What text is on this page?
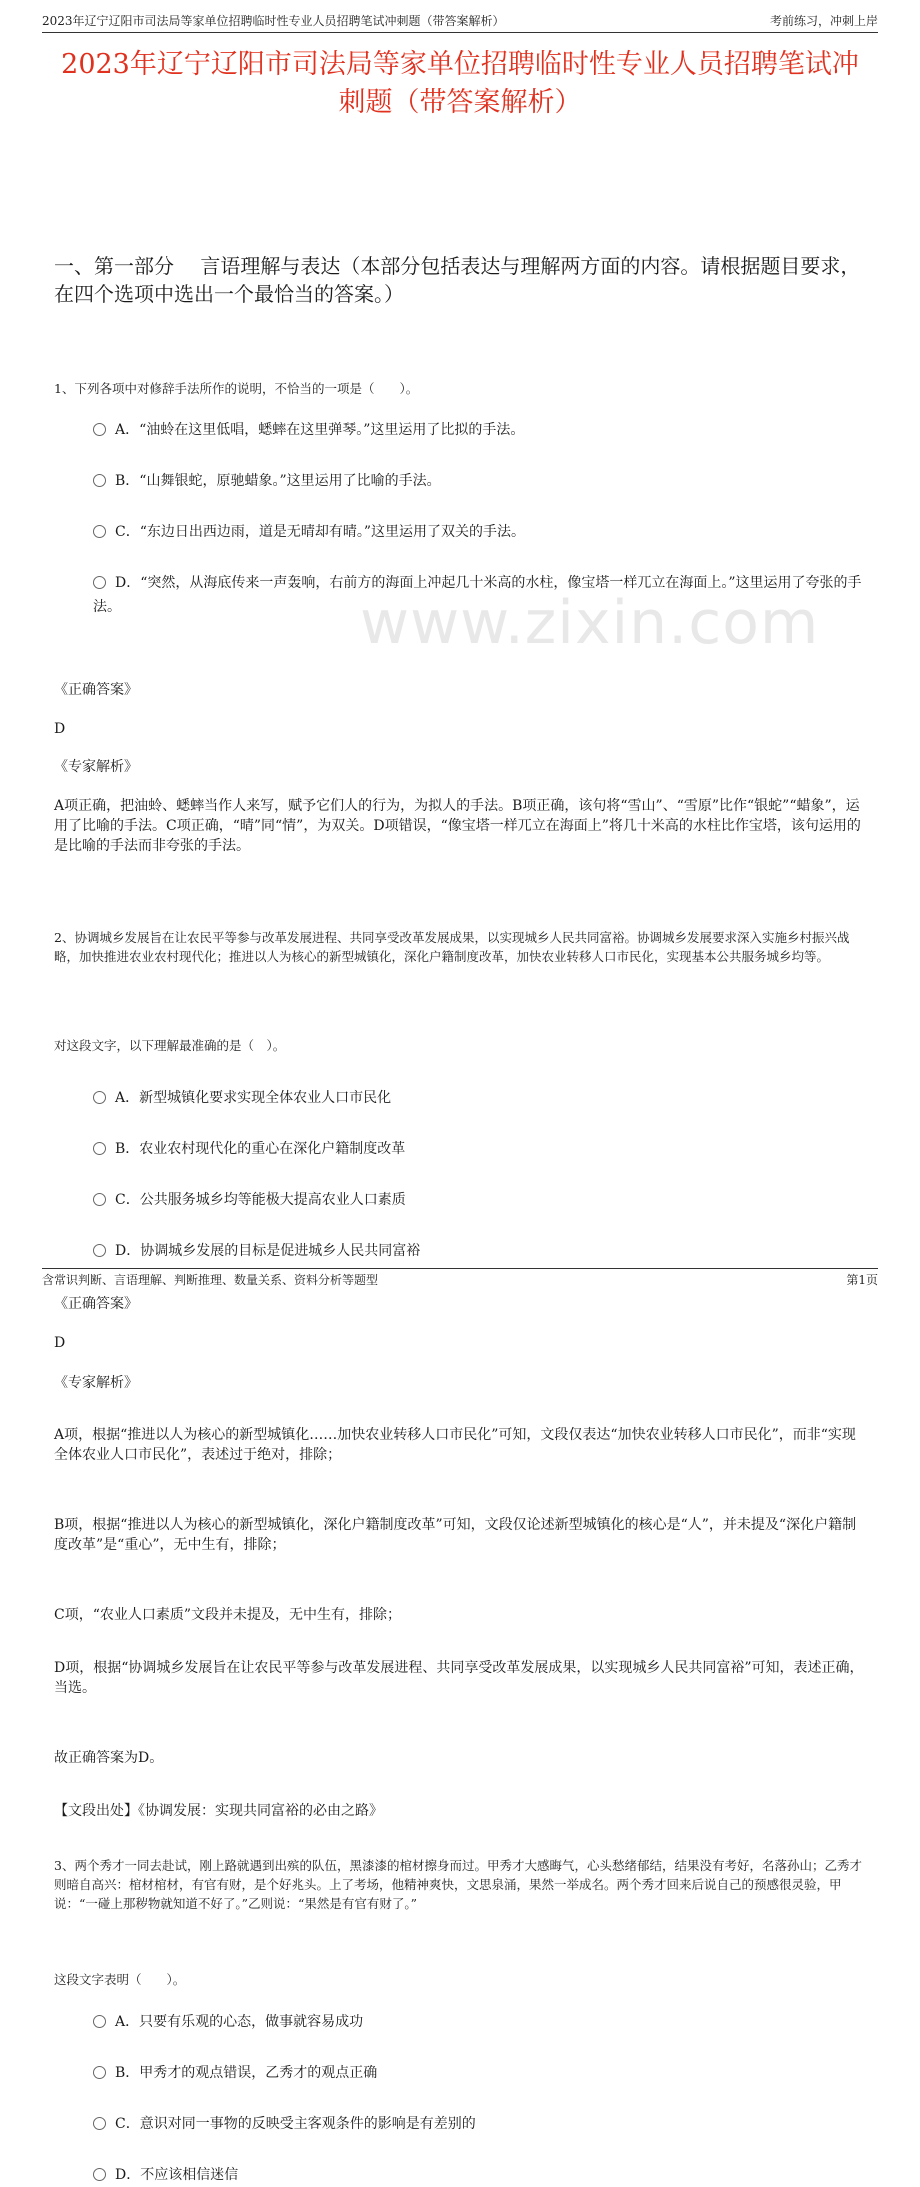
2023年辽宁辽阳市司法局等家单位招聘临时性专业人员招聘笔试冲刺题（带答案解析）	考前练习，冲刺上岸
www.zixin.com
2023年辽宁辽阳市司法局等家单位招聘临时性专业人员招聘笔试冲刺题（带答案解析）
一、第一部分　 言语理解与表达（本部分包括表达与理解两方面的内容。请根据题目要求，在四个选项中选出一个最恰当的答案。）
1、下列各项中对修辞手法所作的说明，不恰当的一项是（　　）。
A．“油蛉在这里低唱，蟋蟀在这里弹琴。”这里运用了比拟的手法。
B．“山舞银蛇，原驰蜡象。”这里运用了比喻的手法。
C．“东边日出西边雨，道是无晴却有晴。”这里运用了双关的手法。
D．“突然，从海底传来一声轰响，右前方的海面上冲起几十米高的水柱，像宝塔一样兀立在海面上。”这里运用了夸张的手法。
《正确答案》
D
《专家解析》
A项正确，把油蛉、蟋蟀当作人来写，赋予它们人的行为，为拟人的手法。B项正确，该句将“雪山”、“雪原”比作“银蛇”“蜡象”，运用了比喻的手法。C项正确，“晴”同“情”，为双关。D项错误，“像宝塔一样兀立在海面上”将几十米高的水柱比作宝塔，该句运用的是比喻的手法而非夸张的手法。
2、协调城乡发展旨在让农民平等参与改革发展进程、共同享受改革发展成果，以实现城乡人民共同富裕。协调城乡发展要求深入实施乡村振兴战略，加快推进农业农村现代化；推进以人为核心的新型城镇化，深化户籍制度改革，加快农业转移人口市民化，实现基本公共服务城乡均等。
对这段文字，以下理解最准确的是（　）。
A．新型城镇化要求实现全体农业人口市民化
B．农业农村现代化的重心在深化户籍制度改革
C．公共服务城乡均等能极大提高农业人口素质
D．协调城乡发展的目标是促进城乡人民共同富裕
《正确答案》
D
《专家解析》
A项，根据“推进以人为核心的新型城镇化……加快农业转移人口市民化”可知，文段仅表达“加快农业转移人口市民化”，而非“实现全体农业人口市民化”，表述过于绝对，排除；
B项，根据“推进以人为核心的新型城镇化，深化户籍制度改革”可知，文段仅论述新型城镇化的核心是“人”，并未提及“深化户籍制度改革”是“重心”，无中生有，排除；
C项，“农业人口素质”文段并未提及，无中生有，排除；
D项，根据“协调城乡发展旨在让农民平等参与改革发展进程、共同享受改革发展成果，以实现城乡人民共同富裕”可知，表述正确，当选。
故正确答案为D。
【文段出处】《协调发展：实现共同富裕的必由之路》
3、两个秀才一同去赴试，刚上路就遇到出殡的队伍，黑漆漆的棺材擦身而过。甲秀才大感晦气，心头愁绪郁结，结果没有考好，名落孙山；乙秀才则暗自高兴：棺材棺材，有官有财，是个好兆头。上了考场，他精神爽快，文思泉涌，果然一举成名。两个秀才回来后说自己的预感很灵验，甲说：“一碰上那秽物就知道不好了。”乙则说：“果然是有官有财了。”
这段文字表明（　　）。
A．只要有乐观的心态，做事就容易成功
B．甲秀才的观点错误，乙秀才的观点正确
C．意识对同一事物的反映受主客观条件的影响是有差别的
D．不应该相信迷信
含常识判断、言语理解、判断推理、数量关系、资料分析等题型	第1页
